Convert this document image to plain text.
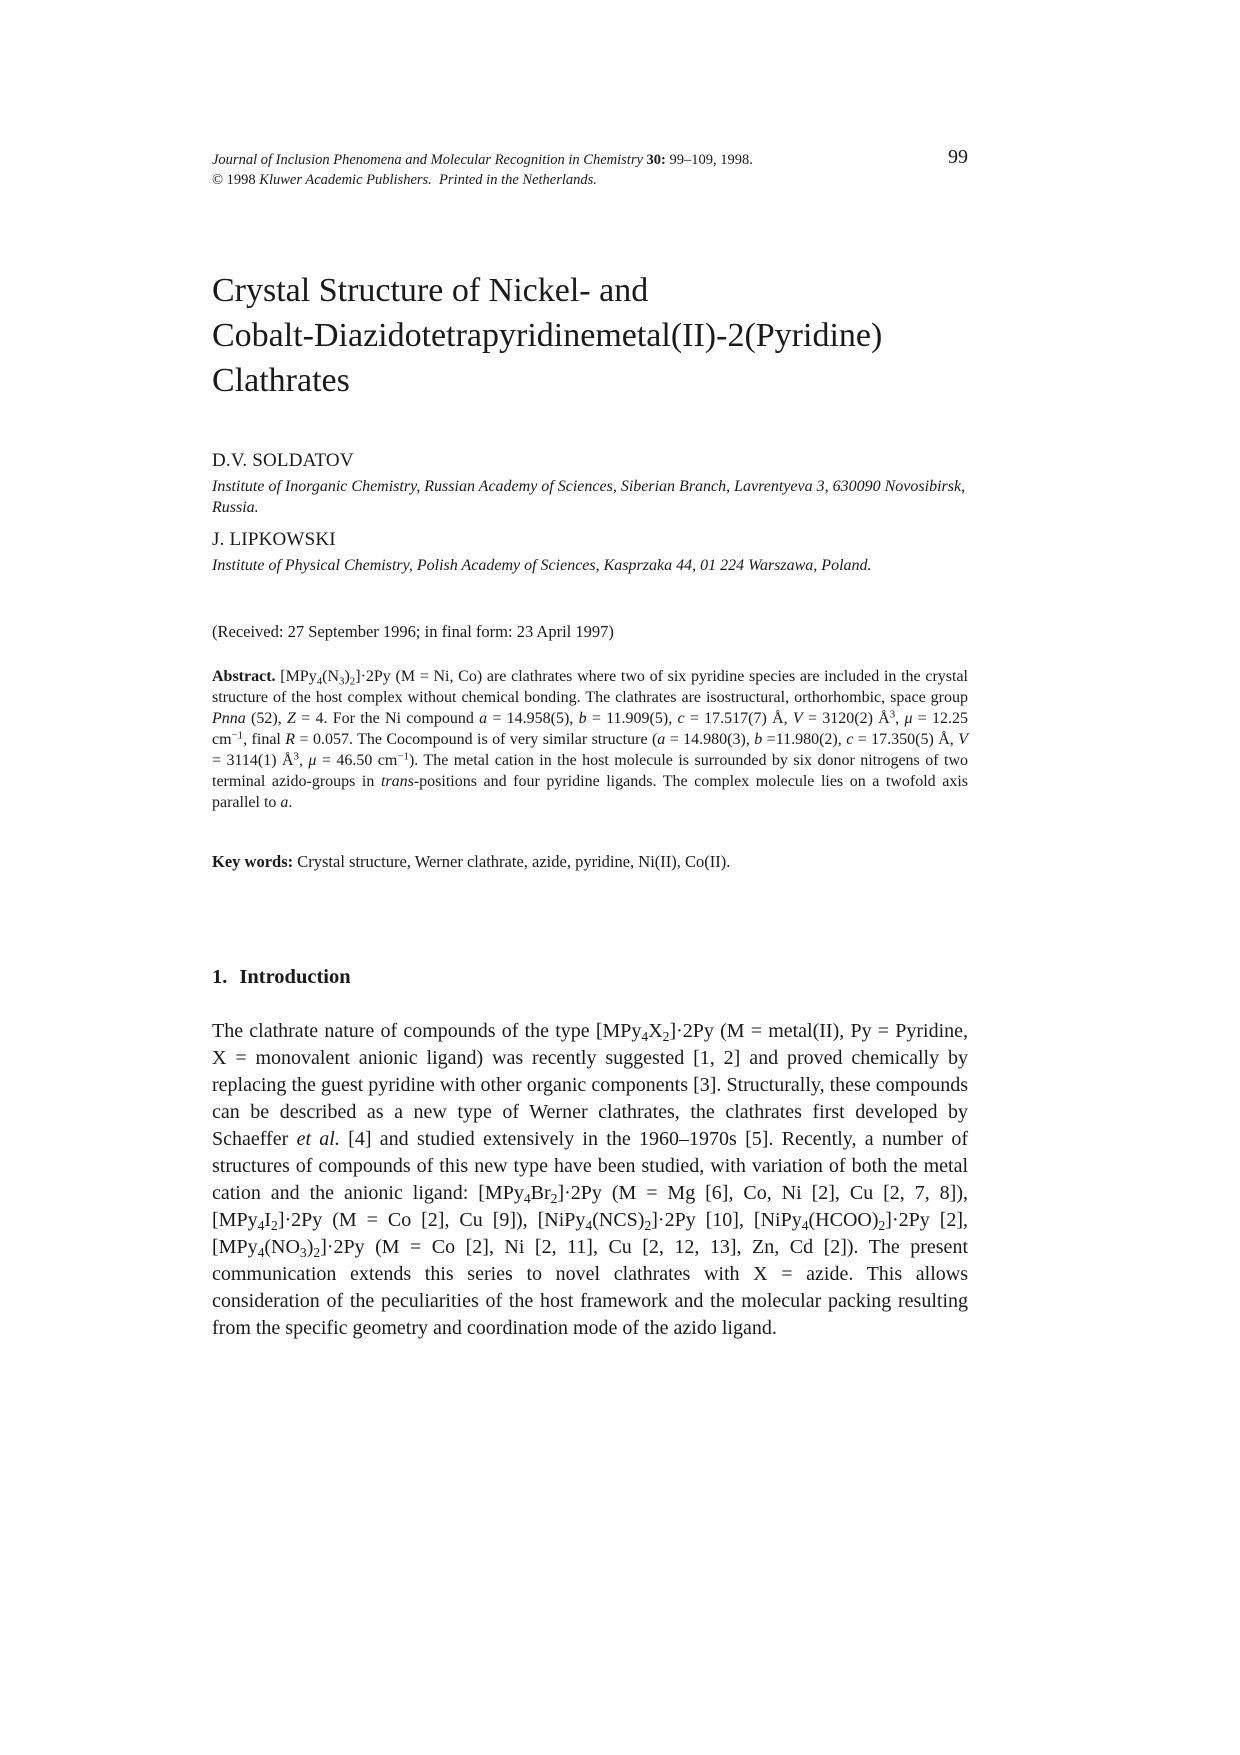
Journal of Inclusion Phenomena and Molecular Recognition in Chemistry 30: 99–109, 1998.
© 1998 Kluwer Academic Publishers. Printed in the Netherlands.
99
Crystal Structure of Nickel- and
Cobalt-Diazidotetrapyridinemetal(II)-2(Pyridine)
Clathrates
D.V. SOLDATOV
Institute of Inorganic Chemistry, Russian Academy of Sciences, Siberian Branch, Lavrentyeva 3, 630090 Novosibirsk, Russia.
J. LIPKOWSKI
Institute of Physical Chemistry, Polish Academy of Sciences, Kasprzaka 44, 01 224 Warszawa, Poland.
(Received: 27 September 1996; in final form: 23 April 1997)
Abstract. $[MPy_4(N_3)_2]\cdot 2Py$ (M = Ni, Co) are clathrates where two of six pyridine species are included in the crystal structure of the host complex without chemical bonding. The clathrates are isostructural, orthorhombic, space group Pnna (52), Z = 4. For the Ni compound a = 14.958(5), b = 11.909(5), c = 17.517(7) Å, V = 3120(2) $Å^3$, μ = 12.25 $cm^{-1}$, final R = 0.057. The Cocompound is of very similar structure (a = 14.980(3), b =11.980(2), c = 17.350(5) Å, V = 3114(1) $Å^3$, μ = 46.50 $cm^{-1}$). The metal cation in the host molecule is surrounded by six donor nitrogens of two terminal azido-groups in trans-positions and four pyridine ligands. The complex molecule lies on a twofold axis parallel to a.
Key words: Crystal structure, Werner clathrate, azide, pyridine, Ni(II), Co(II).
1. Introduction

The clathrate nature of compounds of the type $[MPy_4X_2]\cdot 2Py$ (M = metal(II), Py = Pyridine, X = monovalent anionic ligand) was recently suggested [1, 2] and proved chemically by replacing the guest pyridine with other organic components [3]. Structurally, these compounds can be described as a new type of Werner clathrates, the clathrates first developed by Schaeffer et al. [4] and studied extensively in the 1960–1970s [5]. Recently, a number of structures of compounds of this new type have been studied, with variation of both the metal cation and the anionic ligand: $[MPy_4Br_2]\cdot 2Py$ (M = Mg [6], Co, Ni [2], Cu [2, 7, 8]), $[MPy_4I_2]\cdot 2Py$ (M = Co [2], Cu [9]), $[NiPy_4(NCS)_2]\cdot 2Py$ [10], $[NiPy_4(HCOO)_2]\cdot 2Py$ [2], $[MPy_4(NO_3)_2]\cdot 2Py$ (M = Co [2], Ni [2, 11], Cu [2, 12, 13], Zn, Cd [2]). The present communication extends this series to novel clathrates with X = azide. This allows consideration of the peculiarities of the host framework and the molecular packing resulting from the specific geometry and coordination mode of the azido ligand.
